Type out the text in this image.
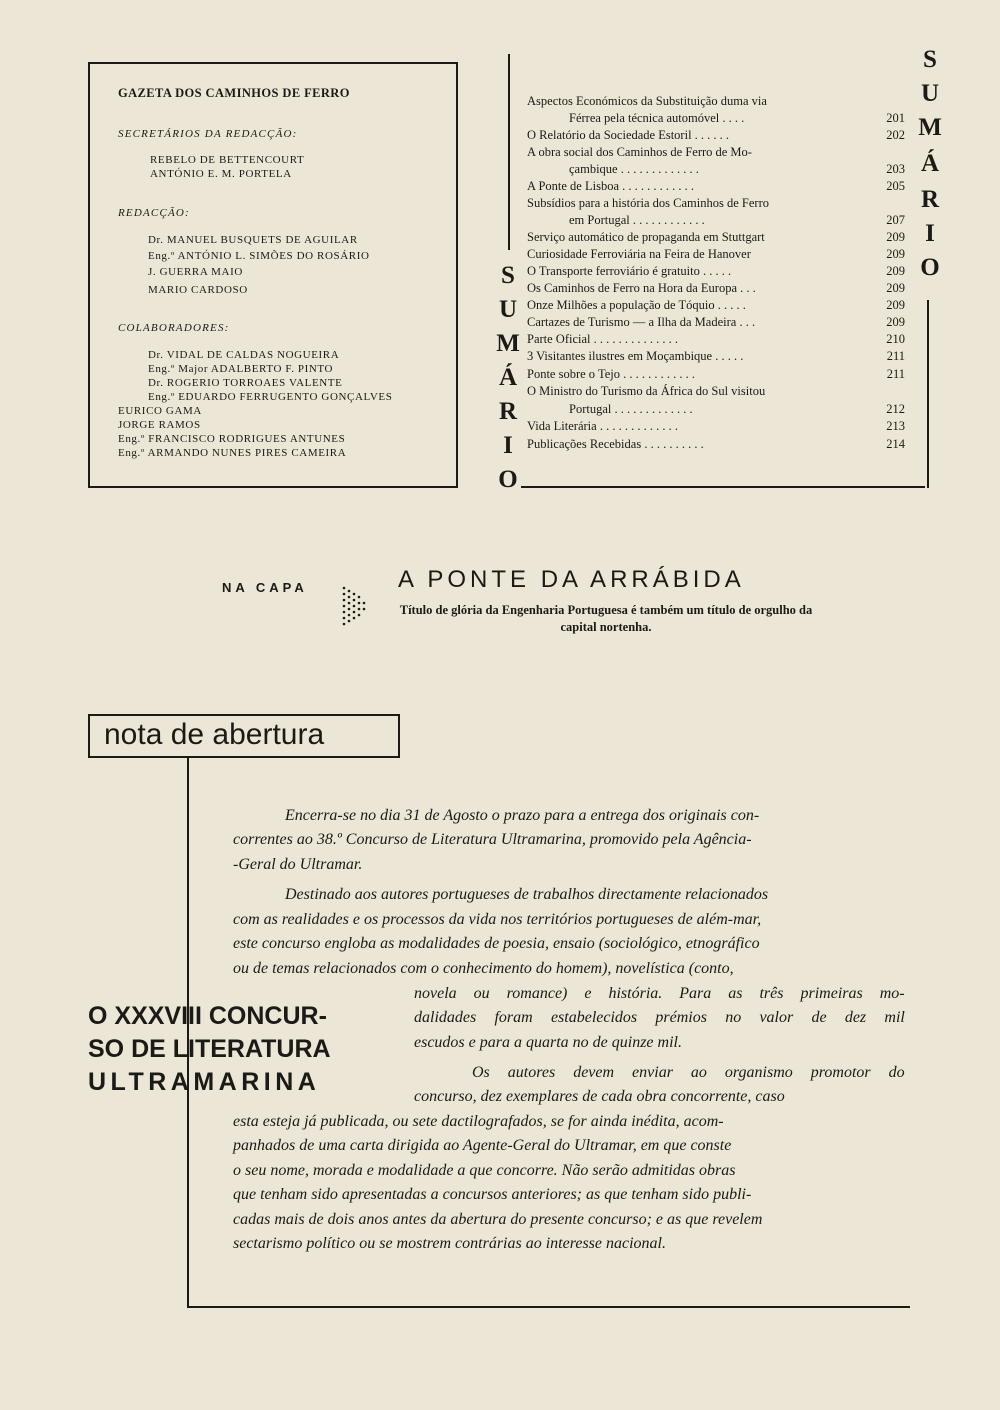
GAZETA DOS CAMINHOS DE FERRO
SECRETÁRIOS DA REDACÇÃO:
REBELO DE BETTENCOURT
ANTÓNIO E. M. PORTELA
REDACÇÃO:
Dr. MANUEL BUSQUETS DE AGUILAR
Eng.º ANTÓNIO L. SIMÕES DO ROSÁRIO
J. GUERRA MAIO
MARIO CARDOSO
COLABORADORES:
Dr. VIDAL DE CALDAS NOGUEIRA
Eng.º Major ADALBERTO F. PINTO
Dr. ROGERIO TORROAES VALENTE
Eng.º EDUARDO FERRUGENTO GONÇALVES
EURICO GAMA
JORGE RAMOS
Eng.º FRANCISCO RODRIGUES ANTUNES
Eng.º ARMANDO NUNES PIRES CAMEIRA
S
U
M
Á
R
I
O
S
U
M
Á
R
I
O
Aspectos Económicos da Substituição duma via
Férrea pela técnica automóvel . . . .	201
O Relatório da Sociedade Estoril . . . . . .	202
A obra social dos Caminhos de Ferro de Mo-
çambique . . . . . . . . . . . . .	203
A Ponte de Lisboa . . . . . . . . . . . .	205
Subsídios para a história dos Caminhos de Ferro
em Portugal . . . . . . . . . . . .	207
Serviço automático de propaganda em Stuttgart	209
Curiosidade Ferroviária na Feira de Hanover	209
O Transporte ferroviário é gratuito . . . . .	209
Os Caminhos de Ferro na Hora da Europa . . .	209
Onze Milhões a população de Tóquio . . . . .	209
Cartazes de Turismo — a Ilha da Madeira . . .	209
Parte Oficial . . . . . . . . . . . . . .	210
3 Visitantes ilustres em Moçambique . . . . .	211
Ponte sobre o Tejo . . . . . . . . . . . .	211
O Ministro do Turismo da África do Sul visitou
Portugal . . . . . . . . . . . . .	212
Vida Literária . . . . . . . . . . . . .	213
Publicações Recebidas . . . . . . . . . .	214
NA CAPA	A PONTE DA ARRÁBIDA
Título de glória da Engenharia Portuguesa é também um título de orgulho da capital nortenha.
nota de abertura
O XXXVIII CONCUR-
SO DE LITERATURA
ULTRAMARINA
Encerra-se no dia 31 de Agosto o prazo para a entrega dos originais con-
correntes ao 38.º Concurso de Literatura Ultramarina, promovido pela Agência-
-Geral do Ultramar.
Destinado aos autores portugueses de trabalhos directamente relacionados
com as realidades e os processos da vida nos territórios portugueses de além-mar,
este concurso engloba as modalidades de poesia, ensaio (sociológico, etnográfico
ou de temas relacionados com o conhecimento do homem), novelística (conto,
novela ou romance) e história. Para as três primeiras mo-
dalidades foram estabelecidos prémios no valor de dez mil
escudos e para a quarta no de quinze mil.
Os autores devem enviar ao organismo promotor do
concurso, dez exemplares de cada obra concorrente, caso
esta esteja já publicada, ou sete dactilografados, se for ainda inédita, acom-
panhados de uma carta dirigida ao Agente-Geral do Ultramar, em que conste
o seu nome, morada e modalidade a que concorre. Não serão admitidas obras
que tenham sido apresentadas a concursos anteriores; as que tenham sido publi-
cadas mais de dois anos antes da abertura do presente concurso; e as que revelem
sectarismo político ou se mostrem contrárias ao interesse nacional.
